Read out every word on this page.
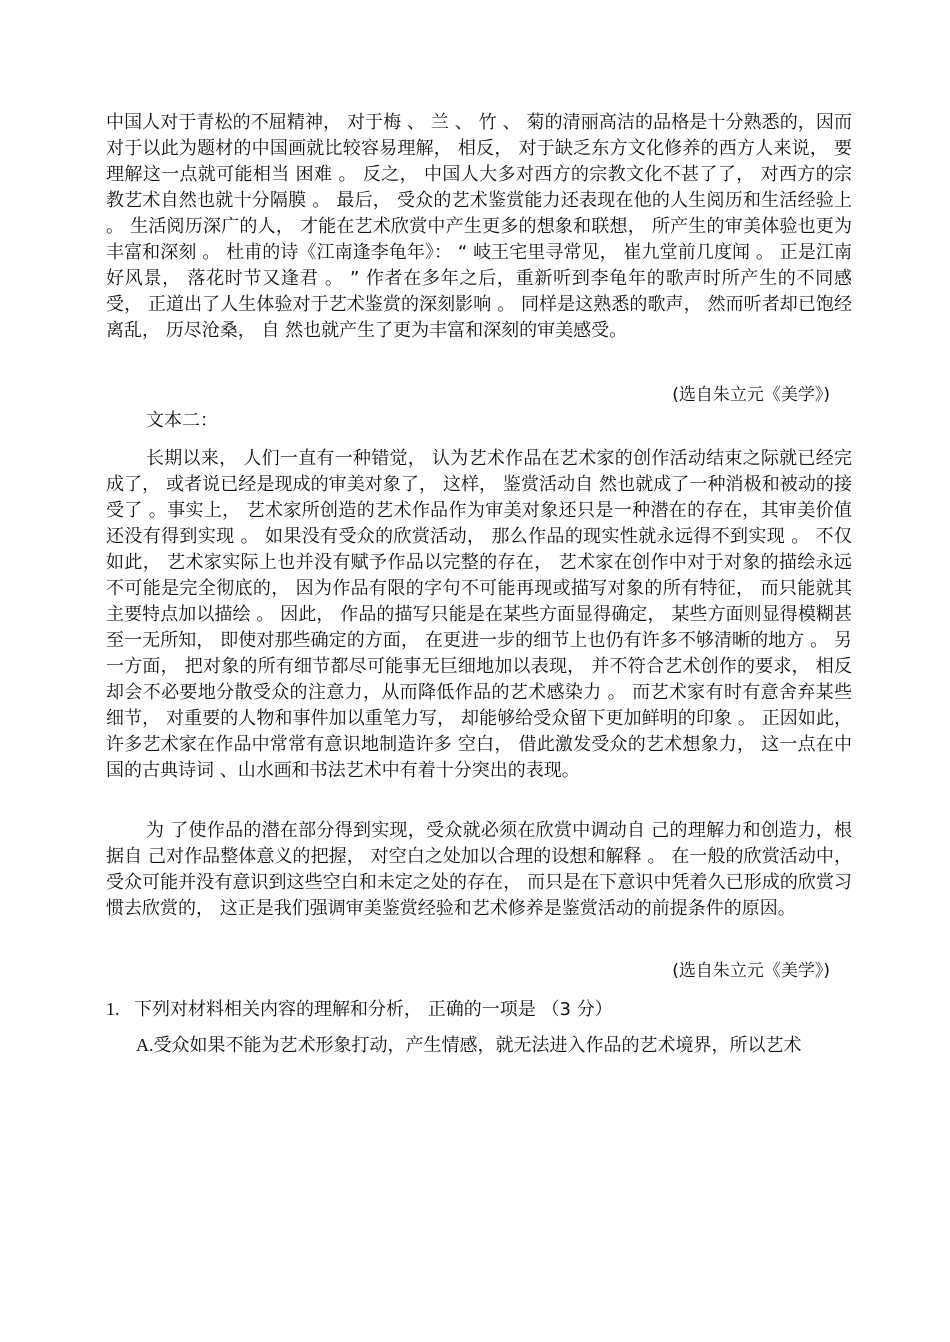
中国人对于青松的不屈精神， 对于梅 、 兰 、 竹 、 菊的清丽高洁的品格是十分熟悉的，因而对于以此为题材的中国画就比较容易理解， 相反， 对于缺乏东方文化修养的西方人来说， 要理解这一点就可能相当 困难 。 反之， 中国人大多对西方的宗教文化不甚了了， 对西方的宗教艺术自然也就十分隔膜 。 最后， 受众的艺术鉴赏能力还表现在他的人生阅历和生活经验上 。 生活阅历深广的人， 才能在艺术欣赏中产生更多的想象和联想， 所产生的审美体验也更为丰富和深刻 。 杜甫的诗《江南逢李龟年》： “ 岐王宅里寻常见， 崔九堂前几度闻 。 正是江南好风景， 落花时节又逢君 。 ” 作者在多年之后，重新听到李龟年的歌声时所产生的不同感受， 正道出了人生体验对于艺术鉴赏的深刻影响 。 同样是这熟悉的歌声， 然而听者却已饱经离乱， 历尽沧桑， 自 然也就产生了更为丰富和深刻的审美感受。

(选自朱立元《美学》)
文本二：

长期以来， 人们一直有一种错觉， 认为艺术作品在艺术家的创作活动结束之际就已经完成了， 或者说已经是现成的审美对象了， 这样， 鉴赏活动自 然也就成了一种消极和被动的接受了 。事实上， 艺术家所创造的艺术作品作为审美对象还只是一种潜在的存在，其审美价值还没有得到实现 。 如果没有受众的欣赏活动， 那么作品的现实性就永远得不到实现 。 不仅如此， 艺术家实际上也并没有赋予作品以完整的存在， 艺术家在创作中对于对象的描绘永远不可能是完全彻底的， 因为作品有限的字句不可能再现或描写对象的所有特征， 而只能就其主要特点加以描绘 。 因此， 作品的描写只能是在某些方面显得确定， 某些方面则显得模糊甚至一无所知， 即使对那些确定的方面， 在更进一步的细节上也仍有许多不够清晰的地方 。 另一方面， 把对象的所有细节都尽可能事无巨细地加以表现， 并不符合艺术创作的要求， 相反却会不必要地分散受众的注意力，从而降低作品的艺术感染力 。 而艺术家有时有意舍弃某些细节， 对重要的人物和事件加以重笔力写， 却能够给受众留下更加鲜明的印象 。 正因如此， 许多艺术家在作品中常常有意识地制造许多 空白， 借此激发受众的艺术想象力， 这一点在中国的古典诗词 、山水画和书法艺术中有着十分突出的表现。

为 了使作品的潜在部分得到实现，受众就必须在欣赏中调动自 己的理解力和创造力，根据自 己对作品整体意义的把握， 对空白之处加以合理的设想和解释 。 在一般的欣赏活动中， 受众可能并没有意识到这些空白和未定之处的存在， 而只是在下意识中凭着久已形成的欣赏习惯去欣赏的， 这正是我们强调审美鉴赏经验和艺术修养是鉴赏活动的前提条件的原因。

(选自朱立元《美学》)
1. 下列对材料相关内容的理解和分析， 正确的一项是 （3 分）
A.受众如果不能为艺术形象打动，产生情感，就无法进入作品的艺术境界，所以艺术
